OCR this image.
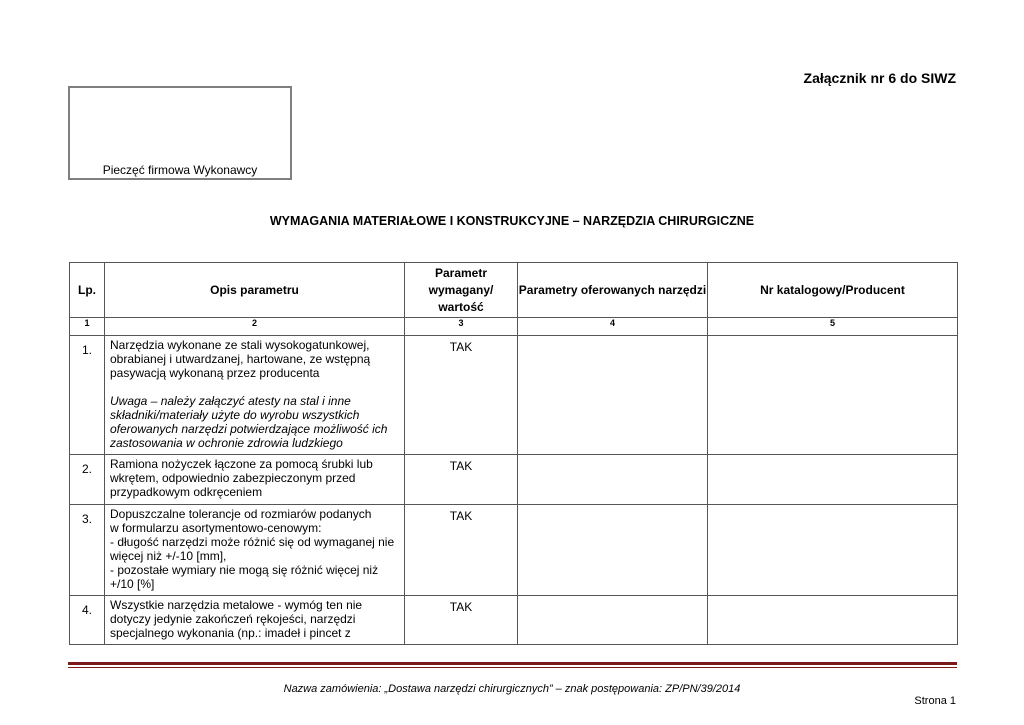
Załącznik nr 6 do SIWZ
Pieczęć firmowa Wykonawcy
WYMAGANIA MATERIAŁOWE I KONSTRUKCYJNE – NARZĘDZIA CHIRURGICZNE
Lp.	Opis parametru	Parametr wymagany/ wartość	Parametry oferowanych narzędzi	Nr katalogowy/Producent
1	2	3	4	5
1.	Narzędzia wykonane ze stali wysokogatunkowej, obrabianej i utwardzanej, hartowane, ze wstępną pasywacją wykonaną przez producenta
Uwaga – należy załączyć atesty na stal i inne składniki/materiały użyte do wyrobu wszystkich oferowanych narzędzi potwierdzające możliwość ich zastosowania w ochronie zdrowia ludzkiego	TAK		
2.	Ramiona nożyczek łączone za pomocą śrubki lub wkrętem, odpowiednio zabezpieczonym przed przypadkowym odkręceniem	TAK		
3.	Dopuszczalne tolerancje od rozmiarów podanych
w formularzu asortymentowo-cenowym:
- długość narzędzi może różnić się od wymaganej nie więcej niż +/-10 [mm],
- pozostałe wymiary nie mogą się różnić więcej niż +/10 [%]	TAK		
4.	Wszystkie narzędzia metalowe - wymóg ten nie dotyczy jedynie zakończeń rękojeści, narzędzi specjalnego wykonania (np.: imadeł i pincet z	TAK		
Nazwa zamówienia: „Dostawa narzędzi chirurgicznych” – znak postępowania: ZP/PN/39/2014
Strona 1
